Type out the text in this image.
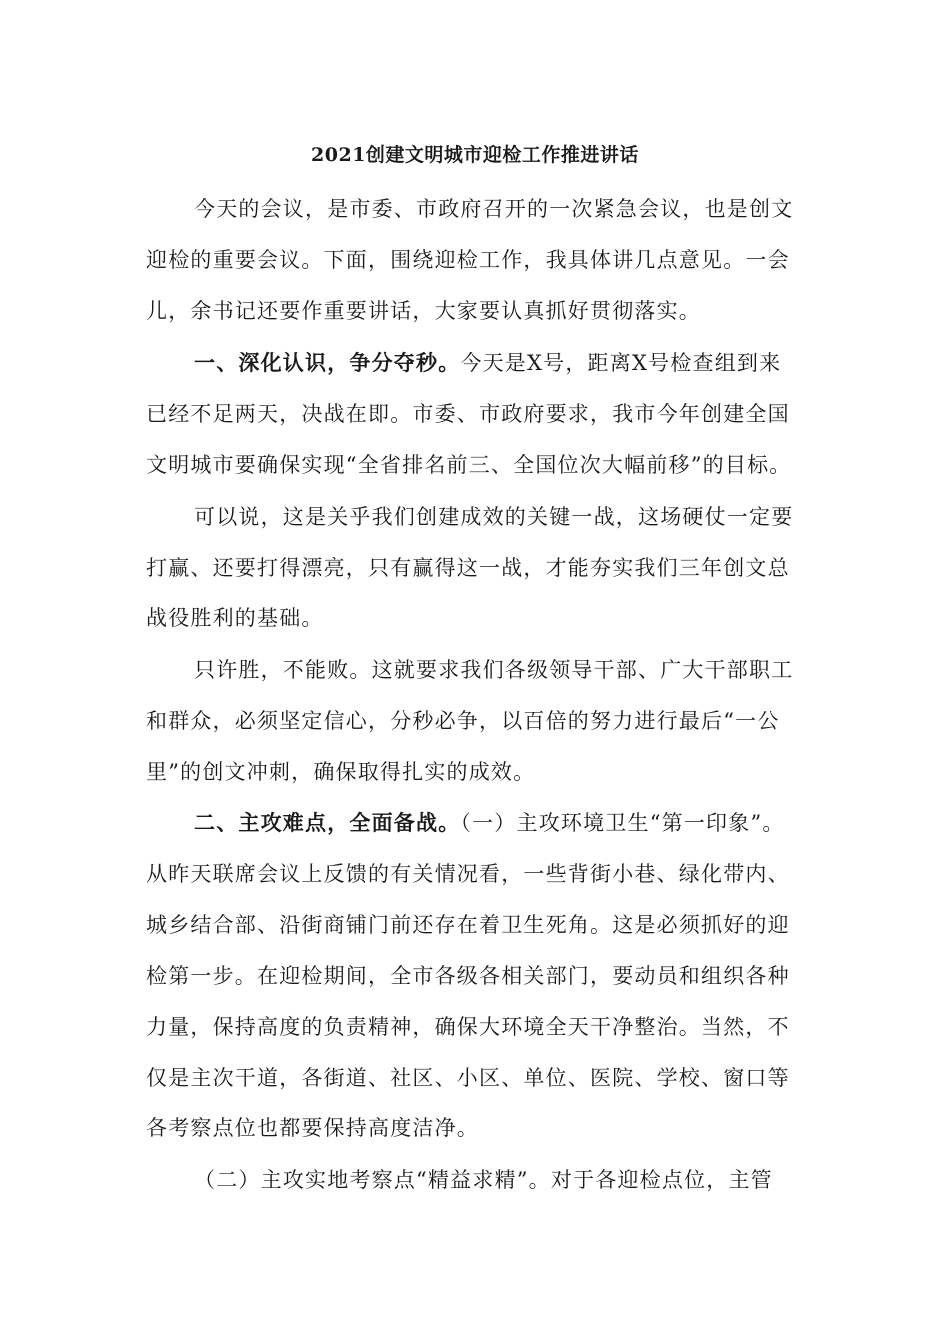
2021创建文明城市迎检工作推进讲话
今天的会议，是市委、市政府召开的一次紧急会议，也是创文
迎检的重要会议。下面，围绕迎检工作，我具体讲几点意见。一会
儿，余书记还要作重要讲话，大家要认真抓好贯彻落实。
一、深化认识，争分夺秒。今天是X号，距离X号检查组到来
已经不足两天，决战在即。市委、市政府要求，我市今年创建全国
文明城市要确保实现“全省排名前三、全国位次大幅前移”的目标。
可以说，这是关乎我们创建成效的关键一战，这场硬仗一定要
打赢、还要打得漂亮，只有赢得这一战，才能夯实我们三年创文总
战役胜利的基础。
只许胜，不能败。这就要求我们各级领导干部、广大干部职工
和群众，必须坚定信心，分秒必争，以百倍的努力进行最后“一公
里”的创文冲刺，确保取得扎实的成效。
二、主攻难点，全面备战。（一）主攻环境卫生“第一印象”。
从昨天联席会议上反馈的有关情况看，一些背街小巷、绿化带内、
城乡结合部、沿街商铺门前还存在着卫生死角。这是必须抓好的迎
检第一步。在迎检期间，全市各级各相关部门，要动员和组织各种
力量，保持高度的负责精神，确保大环境全天干净整治。当然，不
仅是主次干道，各街道、社区、小区、单位、医院、学校、窗口等
各考察点位也都要保持高度洁净。
（二）主攻实地考察点“精益求精”。对于各迎检点位，主管
